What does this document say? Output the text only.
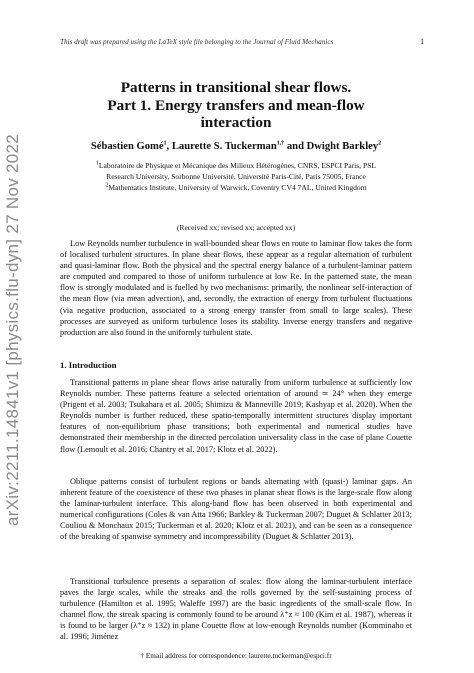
This draft was prepared using the LaTeX style file belonging to the Journal of Fluid Mechanics	1
arXiv:2211.14841v1 [physics.flu-dyn] 27 Nov 2022
Patterns in transitional shear flows.
Part 1. Energy transfers and mean-flow
interaction
Sébastien Gomé$^1$, Laurette S. Tuckerman$^{1,\dagger}$ and Dwight Barkley$^2$
$^1$Laboratoire de Physique et Mécanique des Milieux Hétérogènes, CNRS, ESPCI Paris, PSL
Research University, Sorbonne Université, Université Paris-Cité, Paris 75005, France
$^2$Mathematics Institute, University of Warwick, Coventry CV4 7AL, United Kingdom
(Received xx; revised xx; accepted xx)
Low Reynolds number turbulence in wall-bounded shear flows en route to laminar flow takes the form of localised turbulent structures. In plane shear flows, these appear as a regular alternation of turbulent and quasi-laminar flow. Both the physical and the spectral energy balance of a turbulent-laminar pattern are computed and compared to those of uniform turbulence at low Re. In the patterned state, the mean flow is strongly modulated and is fuelled by two mechanisms: primarily, the nonlinear self-interaction of the mean flow (via mean advection), and, secondly, the extraction of energy from turbulent fluctuations (via negative production, associated to a strong energy transfer from small to large scales). These processes are surveyed as uniform turbulence loses its stability. Inverse energy transfers and negative production are also found in the uniformly turbulent state.
1. Introduction
Transitional patterns in plane shear flows arise naturally from uniform turbulence at sufficiently low Reynolds number. These patterns feature a selected orientation of around ≃ 24° when they emerge (Prigent et al. 2003; Tsukahara et al. 2005; Shimizu & Manneville 2019; Kashyap et al. 2020). When the Reynolds number is further reduced, these spatio-temporally intermittent structures display important features of non-equilibrium phase transitions; both experimental and numerical studies have demonstrated their membership in the directed percolation universality class in the case of plane Couette flow (Lemoult et al. 2016; Chantry et al. 2017; Klotz et al. 2022).
Oblique patterns consist of turbulent regions or bands alternating with (quasi-) laminar gaps. An inherent feature of the coexistence of these two phases in planar shear flows is the large-scale flow along the laminar-turbulent interface. This along-band flow has been observed in both experimental and numerical configurations (Coles & van Atta 1966; Barkley & Tuckerman 2007; Duguet & Schlatter 2013; Couliou & Monchaux 2015; Tuckerman et al. 2020; Klotz et al. 2021), and can be seen as a consequence of the breaking of spanwise symmetry and incompressibility (Duguet & Schlatter 2013).
Transitional turbulence presents a separation of scales: flow along the laminar-turbulent interface paves the large scales, while the streaks and the rolls governed by the self-sustaining process of turbulence (Hamilton et al. 1995; Waleffe 1997) are the basic ingredients of the small-scale flow. In channel flow, the streak spacing is commonly found to be around λ⁺z ≈ 100 (Kim et al. 1987), whereas it is found to be larger (λ⁺z ≈ 132) in plane Couette flow at low-enough Reynolds number (Komminaho et al. 1996; Jiménez
† Email address for correspondence: laurette.tuckerman@espci.fr
